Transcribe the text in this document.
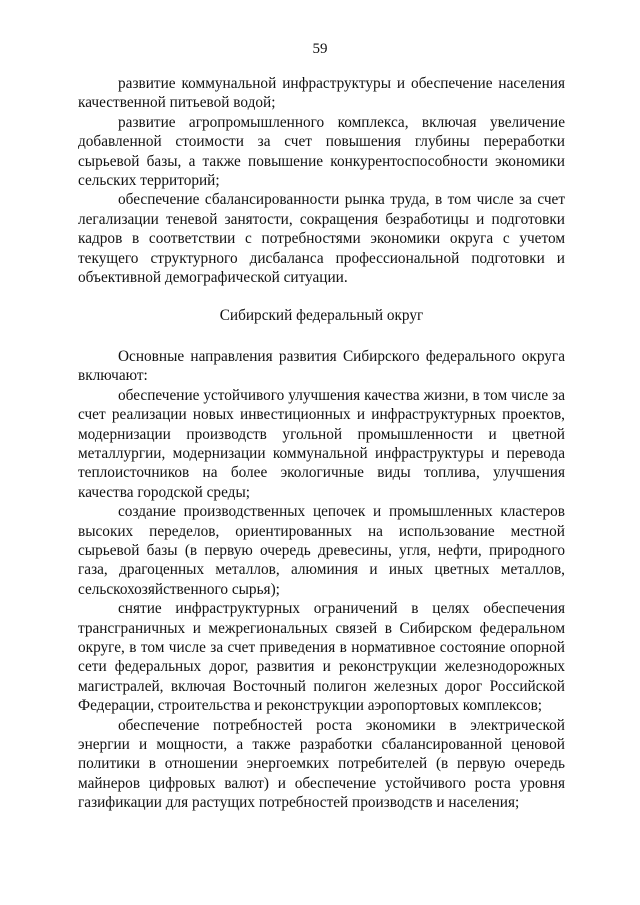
59

развитие коммунальной инфраструктуры и обеспечение населения качественной питьевой водой;

развитие агропромышленного комплекса, включая увеличение добавленной стоимости за счет повышения глубины переработки сырьевой базы, а также повышение конкурентоспособности экономики сельских территорий;

обеспечение сбалансированности рынка труда, в том числе за счет легализации теневой занятости, сокращения безработицы и подготовки кадров в соответствии с потребностями экономики округа с учетом текущего структурного дисбаланса профессиональной подготовки и объективной демографической ситуации.

Сибирский федеральный округ

Основные направления развития Сибирского федерального округа включают:

обеспечение устойчивого улучшения качества жизни, в том числе за счет реализации новых инвестиционных и инфраструктурных проектов, модернизации производств угольной промышленности и цветной металлургии, модернизации коммунальной инфраструктуры и перевода теплоисточников на более экологичные виды топлива, улучшения качества городской среды;

создание производственных цепочек и промышленных кластеров высоких переделов, ориентированных на использование местной сырьевой базы (в первую очередь древесины, угля, нефти, природного газа, драгоценных металлов, алюминия и иных цветных металлов, сельскохозяйственного сырья);

снятие инфраструктурных ограничений в целях обеспечения трансграничных и межрегиональных связей в Сибирском федеральном округе, в том числе за счет приведения в нормативное состояние опорной сети федеральных дорог, развития и реконструкции железнодорожных магистралей, включая Восточный полигон железных дорог Российской Федерации, строительства и реконструкции аэропортовых комплексов;

обеспечение потребностей роста экономики в электрической энергии и мощности, а также разработки сбалансированной ценовой политики в отношении энергоемких потребителей (в первую очередь майнеров цифровых валют) и обеспечение устойчивого роста уровня газификации для растущих потребностей производств и населения;
